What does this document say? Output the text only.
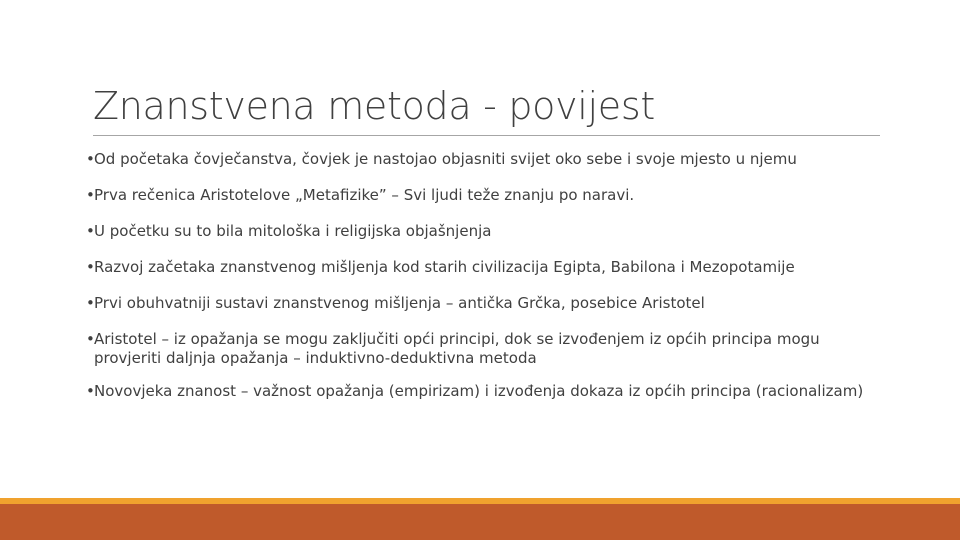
Znanstvena metoda - povijest
• Od početaka čovječanstva, čovjek je nastojao objasniti svijet oko sebe i svoje mjesto u njemu
• Prva rečenica Aristotelove „Metafizike” – Svi ljudi teže znanju po naravi.
• U početku su to bila mitološka i religijska objašnjenja
• Razvoj začetaka znanstvenog mišljenja kod starih civilizacija Egipta, Babilona i Mezopotamije
• Prvi obuhvatniji sustavi znanstvenog mišljenja – antička Grčka, posebice Aristotel
• Aristotel – iz opažanja se mogu zaključiti opći principi, dok se izvođenjem iz općih principa mogu provjeriti daljnja opažanja – induktivno-deduktivna metoda
• Novovjeka znanost – važnost opažanja (empirizam) i izvođenja dokaza iz općih principa (racionalizam)
